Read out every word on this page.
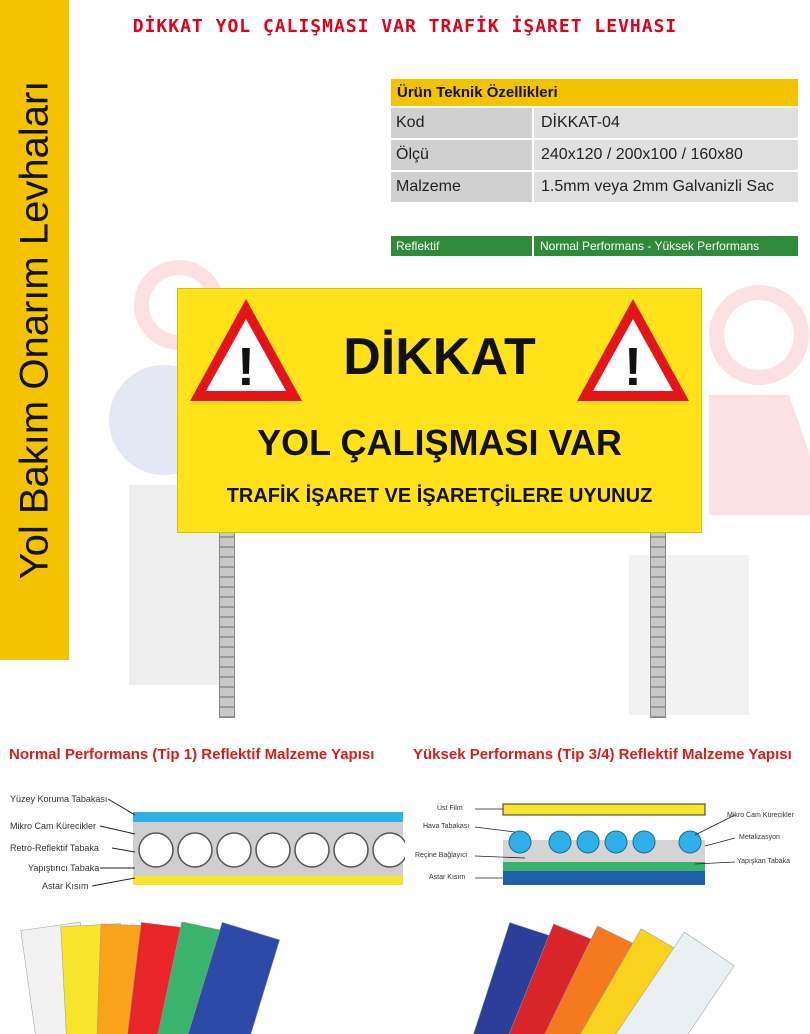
DİKKAT YOL ÇALIŞMASI VAR TRAFİK İŞARET LEVHASI
Yol Bakım Onarım Levhaları	Ürün Teknik Özellikleri
Kod	DİKKAT-04
Ölçü	240x120 / 200x100 / 160x80
Malzeme	1.5mm veya 2mm Galvanizli Sac
Reflektif	Normal Performans - Yüksek Performans
!	!
DİKKAT
YOL ÇALIŞMASI VAR
TRAFİK İŞARET VE İŞARETÇİLERE UYUNUZ
Normal Performans (Tip 1) Reflektif Malzeme Yapısı	Yüksek Performans (Tip 3/4) Reflektif Malzeme Yapısı
Yüzey Koruma Tabakası
Mikro Cam Kürecikler
Retro-Reflektif Tabaka
Yapıştırıcı Tabaka
Astar Kısım
Üst Film
Hava Tabakası
Reçine Bağlayıcı
Astar Kısım
Mikro Cam Kürecikler
Metalizasyon
Yapışkan Tabaka
